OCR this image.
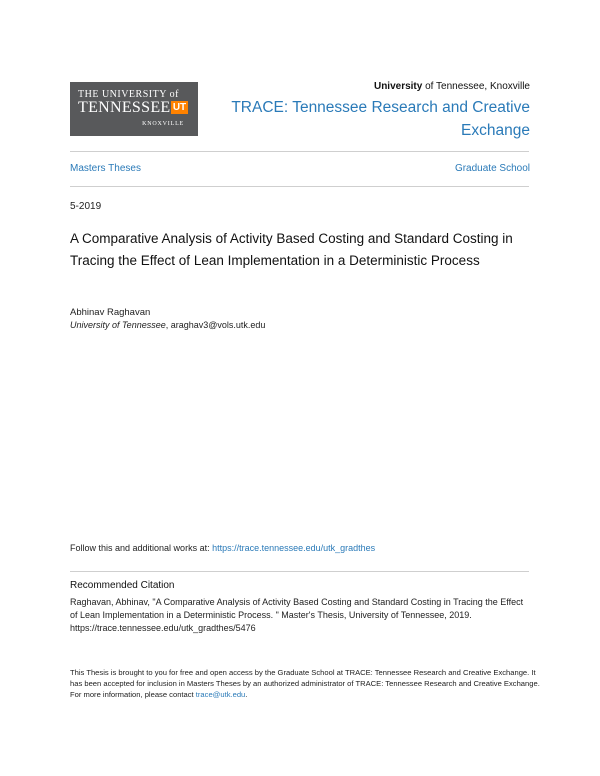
THE UNIVERSITY of
TENNESSEE UT
KNOXVILLE
University of Tennessee, Knoxville
TRACE: Tennessee Research and Creative Exchange
Masters Theses	Graduate School
5-2019
A Comparative Analysis of Activity Based Costing and Standard Costing in Tracing the Effect of Lean Implementation in a Deterministic Process
Abhinav Raghavan
University of Tennessee, araghav3@vols.utk.edu
Follow this and additional works at: https://trace.tennessee.edu/utk_gradthes
Recommended Citation
Raghavan, Abhinav, "A Comparative Analysis of Activity Based Costing and Standard Costing in Tracing the Effect of Lean Implementation in a Deterministic Process. " Master's Thesis, University of Tennessee, 2019.
https://trace.tennessee.edu/utk_gradthes/5476
This Thesis is brought to you for free and open access by the Graduate School at TRACE: Tennessee Research and Creative Exchange. It has been accepted for inclusion in Masters Theses by an authorized administrator of TRACE: Tennessee Research and Creative Exchange. For more information, please contact trace@utk.edu.
